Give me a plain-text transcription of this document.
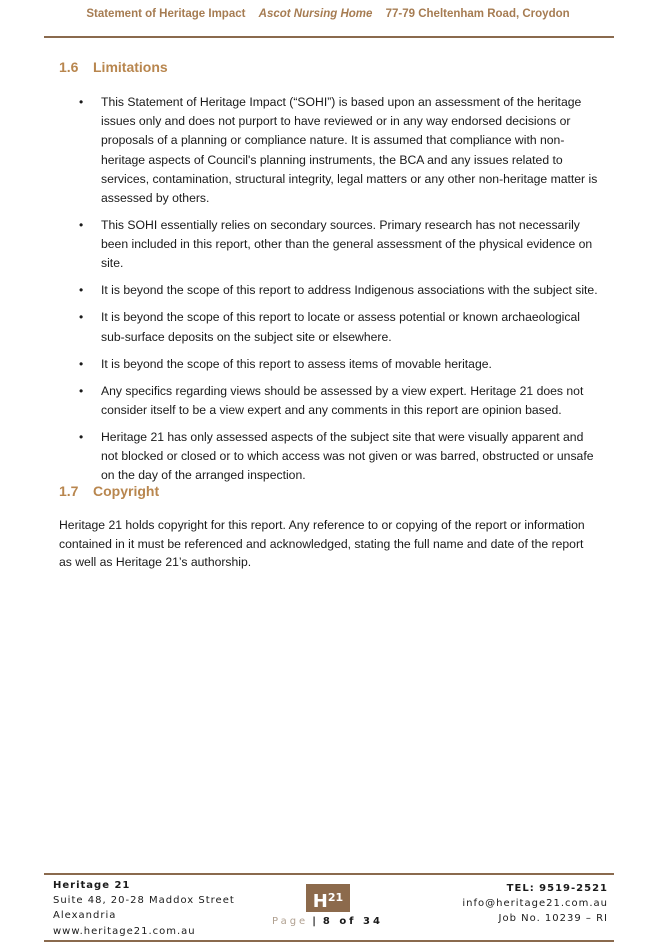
Statement of Heritage Impact Ascot Nursing Home 77-79 Cheltenham Road, Croydon
1.6 Limitations
• This Statement of Heritage Impact (“SOHI”) is based upon an assessment of the heritage issues only and does not purport to have reviewed or in any way endorsed decisions or proposals of a planning or compliance nature. It is assumed that compliance with non-heritage aspects of Council's planning instruments, the BCA and any issues related to services, contamination, structural integrity, legal matters or any other non-heritage matter is assessed by others.
• This SOHI essentially relies on secondary sources. Primary research has not necessarily been included in this report, other than the general assessment of the physical evidence on site.
• It is beyond the scope of this report to address Indigenous associations with the subject site.
• It is beyond the scope of this report to locate or assess potential or known archaeological sub-surface deposits on the subject site or elsewhere.
• It is beyond the scope of this report to assess items of movable heritage.
• Any specifics regarding views should be assessed by a view expert. Heritage 21 does not consider itself to be a view expert and any comments in this report are opinion based.
• Heritage 21 has only assessed aspects of the subject site that were visually apparent and not blocked or closed or to which access was not given or was barred, obstructed or unsafe on the day of the arranged inspection.
1.7 Copyright
Heritage 21 holds copyright for this report. Any reference to or copying of the report or information contained in it must be referenced and acknowledged, stating the full name and date of the report as well as Heritage 21’s authorship.
Heritage 21
Suite 48, 20-28 Maddox Street
Alexandria
www.heritage21.com.au
$H^{21}$
Page | 8 of 34
TEL: 9519-2521
info@heritage21.com.au
Job No. 10239 – RI
